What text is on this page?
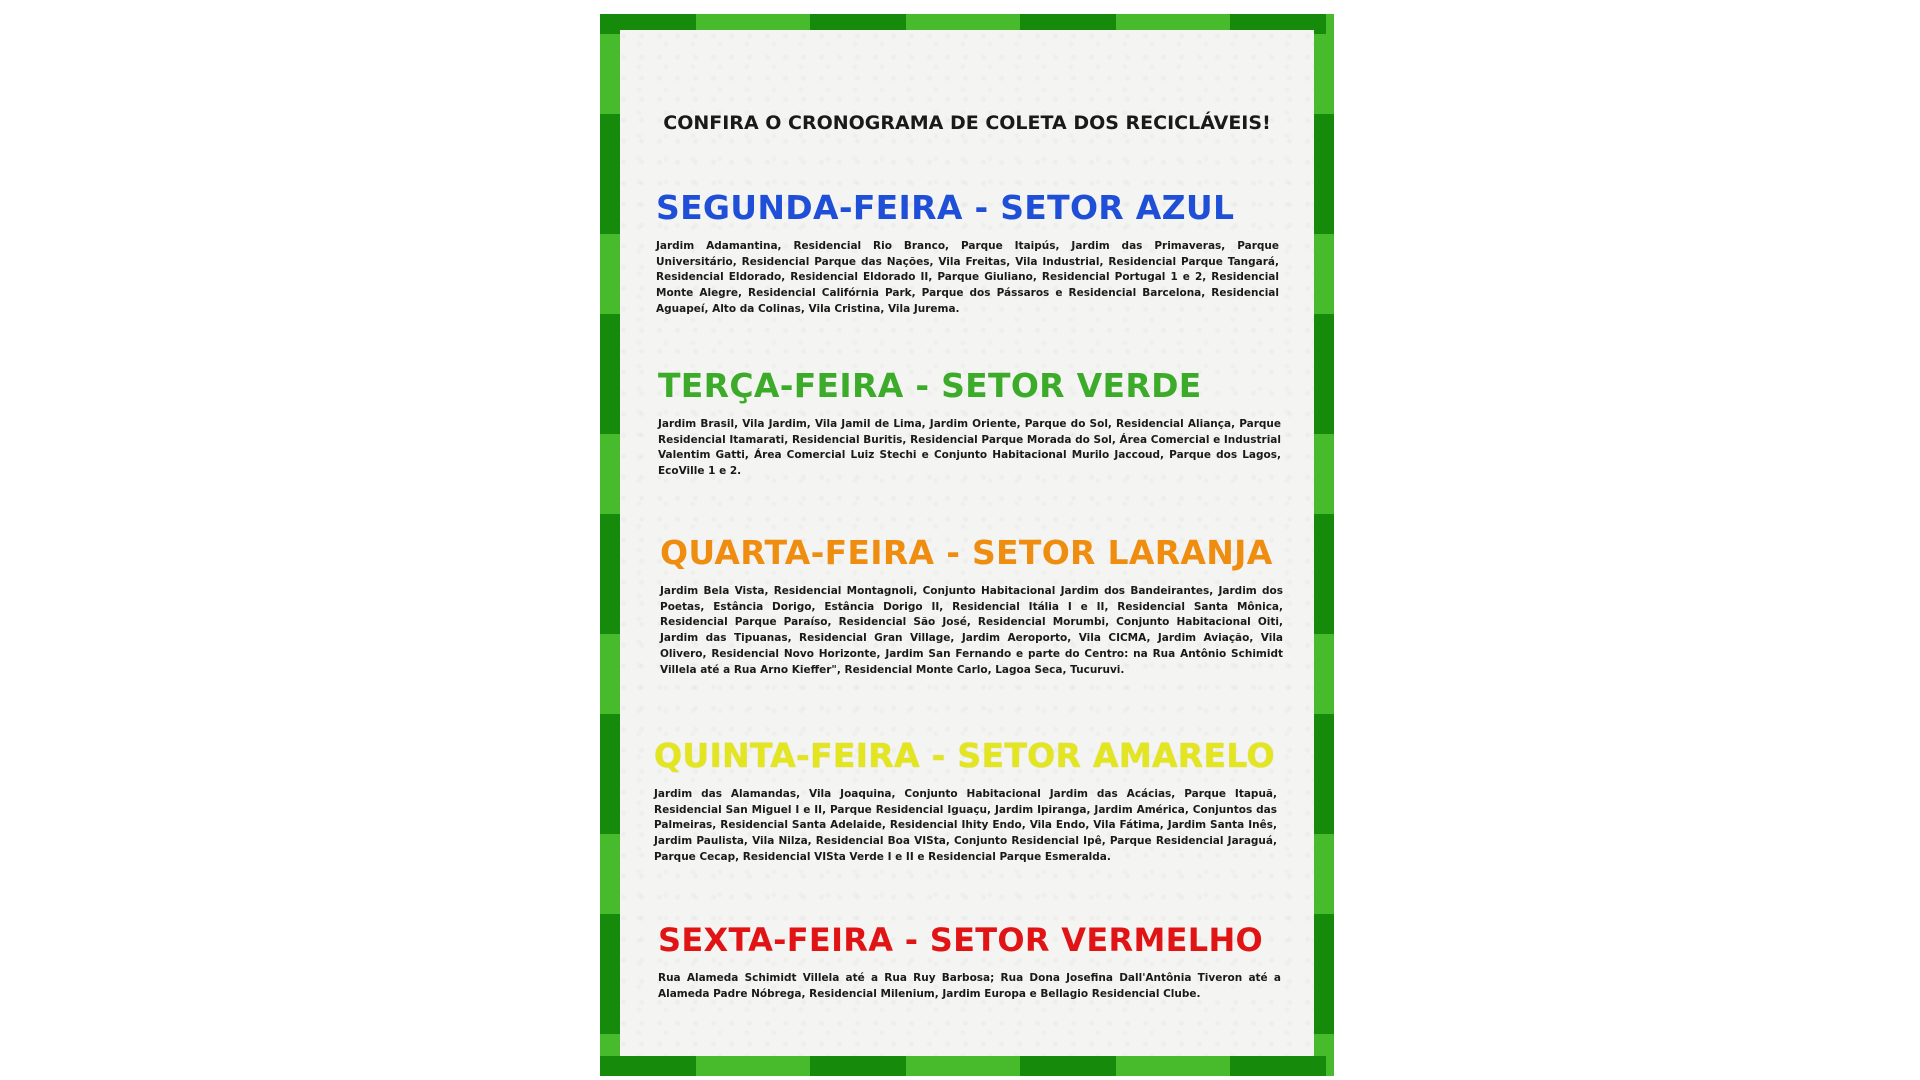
CONFIRA O CRONOGRAMA DE COLETA DOS RECICLÁVEIS!
SEGUNDA-FEIRA - SETOR AZUL

Jardim Adamantina, Residencial Rio Branco, Parque Itaipús, Jardim das Primaveras, Parque Universitário, Residencial Parque das Nações, Vila Freitas, Vila Industrial, Residencial Parque Tangará, Residencial Eldorado, Residencial Eldorado II, Parque Giuliano, Residencial Portugal 1 e 2, Residencial Monte Alegre, Residencial Califórnia Park, Parque dos Pássaros e Residencial Barcelona, Residencial Aguapeí, Alto da Colinas, Vila Cristina, Vila Jurema.

TERÇA-FEIRA - SETOR VERDE

Jardim Brasil, Vila Jardim, Vila Jamil de Lima, Jardim Oriente, Parque do Sol, Residencial Aliança, Parque Residencial Itamarati, Residencial Buritis, Residencial Parque Morada do Sol, Área Comercial e Industrial Valentim Gatti, Área Comercial Luiz Stechi e Conjunto Habitacional Murilo Jaccoud, Parque dos Lagos, EcoVille 1 e 2.

QUARTA-FEIRA - SETOR LARANJA

Jardim Bela Vista, Residencial Montagnoli, Conjunto Habitacional Jardim dos Bandeirantes, Jardim dos Poetas, Estância Dorigo, Estância Dorigo II, Residencial Itália I e II, Residencial Santa Mônica, Residencial Parque Paraíso, Residencial São José, Residencial Morumbi, Conjunto Habitacional Oiti, Jardim das Tipuanas, Residencial Gran Village, Jardim Aeroporto, Vila CICMA, Jardim Aviação, Vila Olivero, Residencial Novo Horizonte, Jardim San Fernando e parte do Centro: na Rua Antônio Schimidt Villela até a Rua Arno Kieffer", Residencial Monte Carlo, Lagoa Seca, Tucuruvi.

QUINTA-FEIRA - SETOR AMARELO

Jardim das Alamandas, Vila Joaquina, Conjunto Habitacional Jardim das Acácias, Parque Itapuã, Residencial San Miguel I e II, Parque Residencial Iguaçu, Jardim Ipiranga, Jardim América, Conjuntos das Palmeiras, Residencial Santa Adelaide, Residencial Ihity Endo, Vila Endo, Vila Fátima, Jardim Santa Inês, Jardim Paulista, Vila Nilza, Residencial Boa VISta, Conjunto Residencial Ipê, Parque Residencial Jaraguá, Parque Cecap, Residencial VISta Verde I e II e Residencial Parque Esmeralda.

SEXTA-FEIRA - SETOR VERMELHO

Rua Alameda Schimidt Villela até a Rua Ruy Barbosa; Rua Dona Josefina Dall'Antônia Tiveron até a Alameda Padre Nóbrega, Residencial Milenium, Jardim Europa e Bellagio Residencial Clube.
